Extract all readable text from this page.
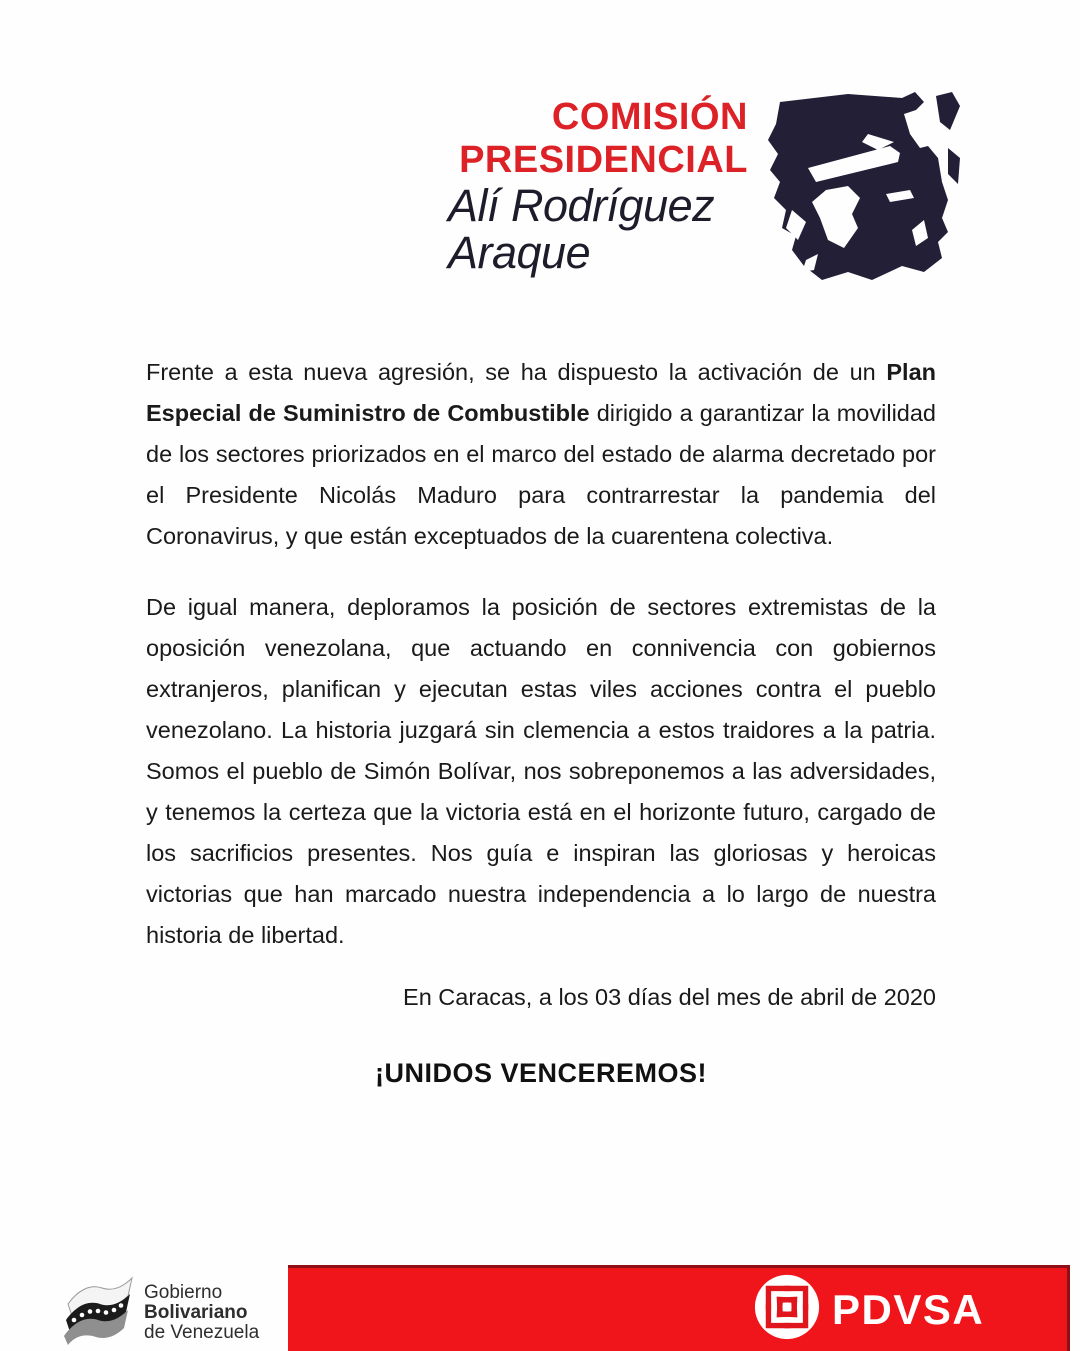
COMISIÓN
PRESIDENCIAL
Alí Rodríguez
Araque

Frente a esta nueva agresión, se ha dispuesto la activación de un Plan Especial de Suministro de Combustible dirigido a garantizar la movilidad de los sectores priorizados en el marco del estado de alarma decretado por el Presidente Nicolás Maduro para contrarrestar la pandemia del Coronavirus, y que están exceptuados de la cuarentena colectiva.

De igual manera, deploramos la posición de sectores extremistas de la oposición venezolana, que actuando en connivencia con gobiernos extranjeros, planifican y ejecutan estas viles acciones contra el pueblo venezolano. La historia juzgará sin clemencia a estos traidores a la patria. Somos el pueblo de Simón Bolívar, nos sobreponemos a las adversidades, y tenemos la certeza que la victoria está en el horizonte futuro, cargado de los sacrificios presentes. Nos guía e inspiran las gloriosas y heroicas victorias que han marcado nuestra independencia a lo largo de nuestra historia de libertad.

En Caracas, a los 03 días del mes de abril de 2020
¡UNIDOS VENCEREMOS!
Gobierno
Bolivariano
de Venezuela	PDVSA
